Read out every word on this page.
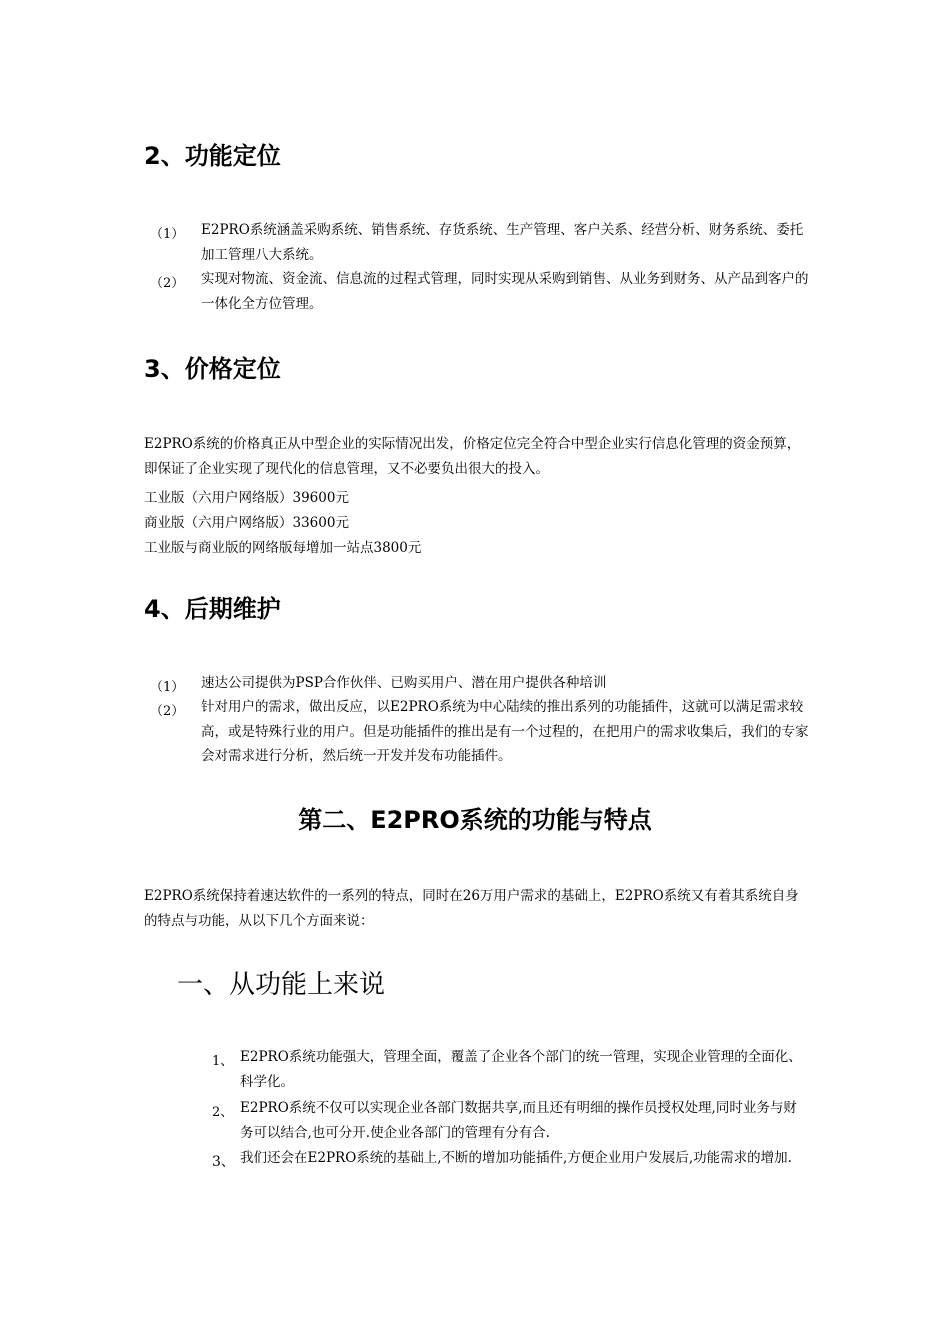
2、功能定位
（1） E2PRO系统涵盖采购系统、销售系统、存货系统、生产管理、客户关系、经营分析、财务系统、委托加工管理八大系统。
（2） 实现对物流、资金流、信息流的过程式管理，同时实现从采购到销售、从业务到财务、从产品到客户的一体化全方位管理。
3、价格定位
E2PRO系统的价格真正从中型企业的实际情况出发，价格定位完全符合中型企业实行信息化管理的资金预算，即保证了企业实现了现代化的信息管理，又不必要负出很大的投入。
工业版（六用户网络版）39600元
商业版（六用户网络版）33600元
工业版与商业版的网络版每增加一站点3800元
4、后期维护
（1） 速达公司提供为PSP合作伙伴、已购买用户、潜在用户提供各种培训
（2） 针对用户的需求，做出反应，以E2PRO系统为中心陆续的推出系列的功能插件，这就可以满足需求较高，或是特殊行业的用户。但是功能插件的推出是有一个过程的，在把用户的需求收集后，我们的专家会对需求进行分析，然后统一开发并发布功能插件。
第二、E2PRO系统的功能与特点
E2PRO系统保持着速达软件的一系列的特点，同时在26万用户需求的基础上，E2PRO系统又有着其系统自身的特点与功能，从以下几个方面来说：
一、从功能上来说
1、 E2PRO系统功能强大，管理全面，覆盖了企业各个部门的统一管理，实现企业管理的全面化、科学化。
2、 E2PRO系统不仅可以实现企业各部门数据共享,而且还有明细的操作员授权处理,同时业务与财务可以结合,也可分开.使企业各部门的管理有分有合.
3、 我们还会在E2PRO系统的基础上,不断的增加功能插件,方便企业用户发展后,功能需求的增加.
